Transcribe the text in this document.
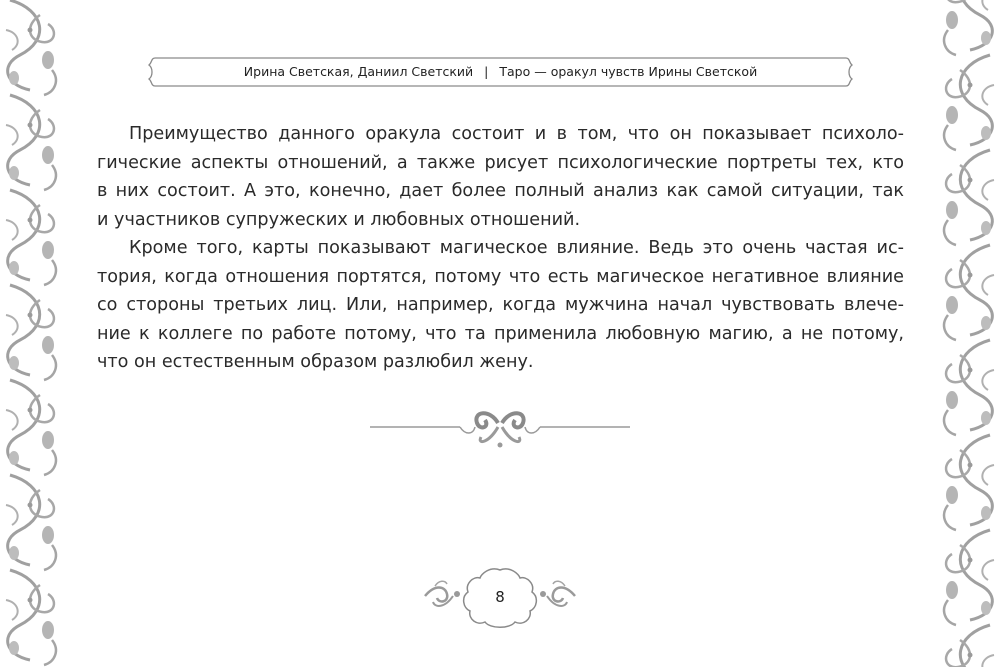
Ирина Светская, Даниил Светский | Таро — оракул чувств Ирины Светской
Преимущество данного оракула состоит и в том, что он показывает психоло-
гические аспекты отношений, а также рисует психологические портреты тех, кто
в них состоит. А это, конечно, дает более полный анализ как самой ситуации, так
и участников супружеских и любовных отношений.
Кроме того, карты показывают магическое влияние. Ведь это очень частая ис-
тория, когда отношения портятся, потому что есть магическое негативное влияние
со стороны третьих лиц. Или, например, когда мужчина начал чувствовать влече-
ние к коллеге по работе потому, что та применила любовную магию, а не потому,
что он естественным образом разлюбил жену.
8
